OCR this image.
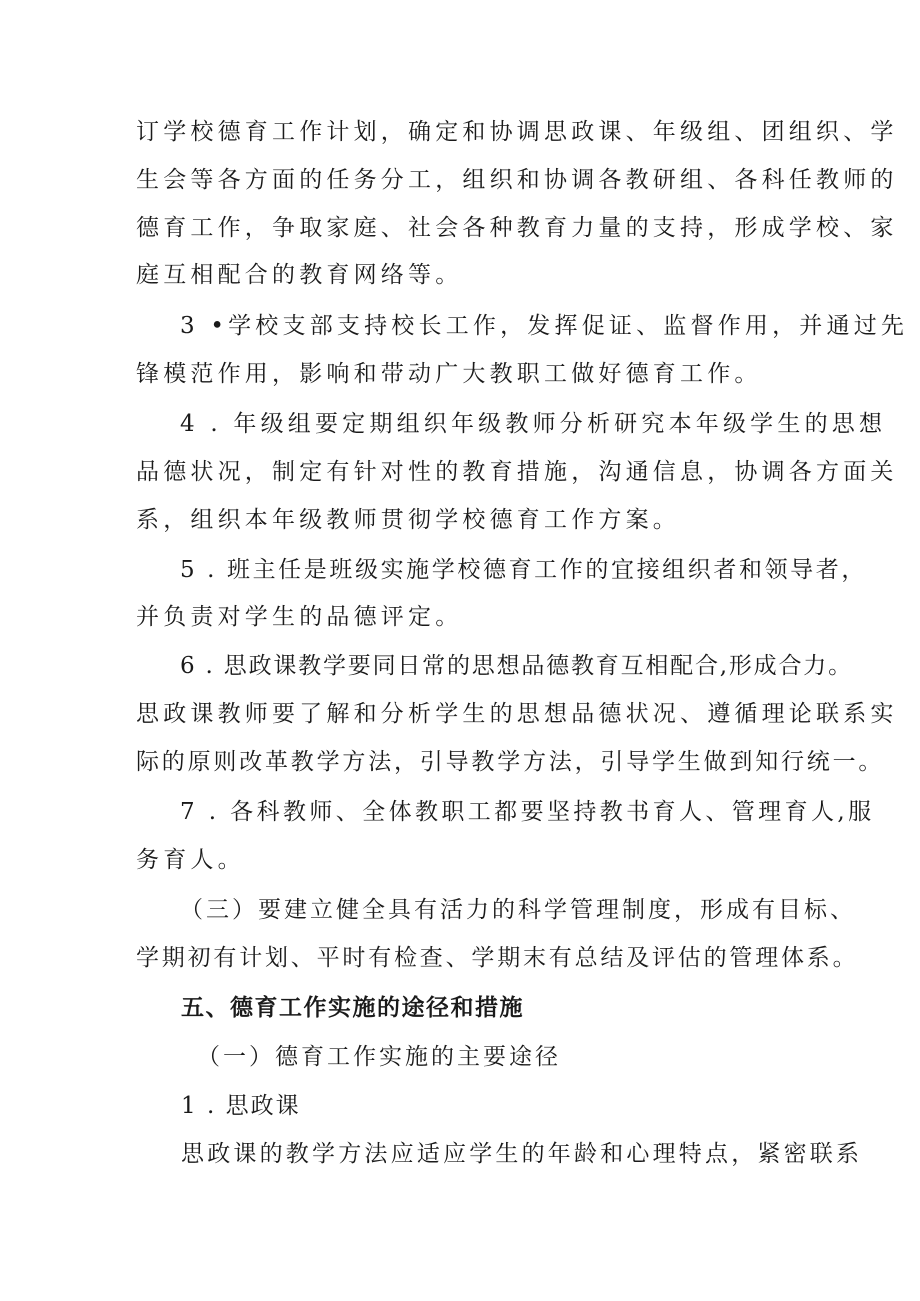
订学校德育工作计划，确定和协调思政课、年级组、团组织、学
生会等各方面的任务分工，组织和协调各教研组、各科任教师的
德育工作，争取家庭、社会各种教育力量的支持，形成学校、家
庭互相配合的教育网络等。
3 •学校支部支持校长工作，发挥促证、监督作用，并通过先
锋模范作用，影响和带动广大教职工做好德育工作。
4 . 年级组要定期组织年级教师分析研究本年级学生的思想
品德状况，制定有针对性的教育措施，沟通信息，协调各方面关
系，组织本年级教师贯彻学校德育工作方案。
5 . 班主任是班级实施学校德育工作的宜接组织者和领导者，
并负责对学生的品德评定。
6 . 思政课教学要同日常的思想品德教育互相配合,形成合力。
思政课教师要了解和分析学生的思想品德状况、遵循理论联系实
际的原则改革教学方法，引导教学方法，引导学生做到知行统一。
7 . 各科教师、全体教职工都要坚持教书育人、管理育人,服
务育人。
（三）要建立健全具有活力的科学管理制度，形成有目标、
学期初有计划、平时有检查、学期末有总结及评估的管理体系。
五、德育工作实施的途径和措施
（一）德育工作实施的主要途径
1 . 思政课
思政课的教学方法应适应学生的年龄和心理特点，紧密联系
